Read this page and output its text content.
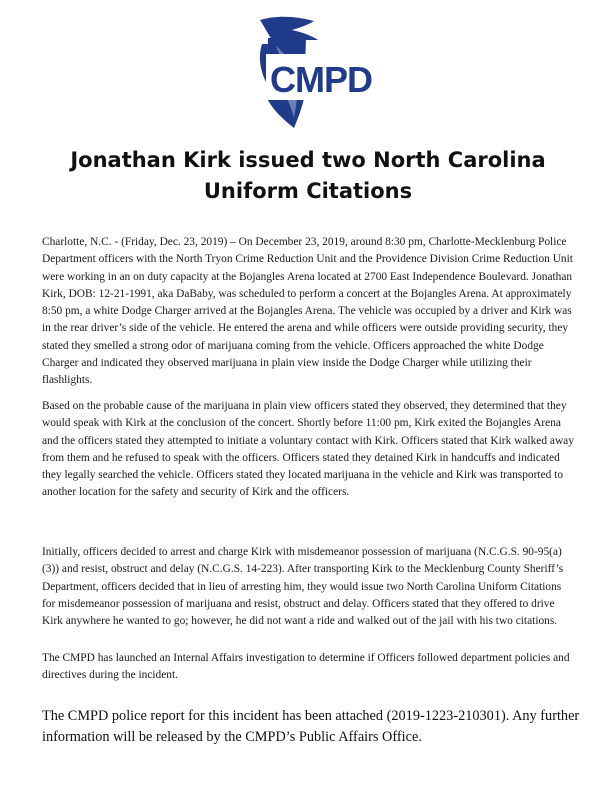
CMPD
Jonathan Kirk issued two North Carolina Uniform Citations

Charlotte, N.C. - (Friday, Dec. 23, 2019) – On December 23, 2019, around 8:30 pm, Charlotte-Mecklenburg Police Department officers with the North Tryon Crime Reduction Unit and the Providence Division Crime Reduction Unit were working in an on duty capacity at the Bojangles Arena located at 2700 East Independence Boulevard. Jonathan Kirk, DOB: 12-21-1991, aka DaBaby, was scheduled to perform a concert at the Bojangles Arena. At approximately 8:50 pm, a white Dodge Charger arrived at the Bojangles Arena. The vehicle was occupied by a driver and Kirk was in the rear driver’s side of the vehicle. He entered the arena and while officers were outside providing security, they stated they smelled a strong odor of marijuana coming from the vehicle. Officers approached the white Dodge Charger and indicated they observed marijuana in plain view inside the Dodge Charger while utilizing their flashlights.

Based on the probable cause of the marijuana in plain view officers stated they observed, they determined that they would speak with Kirk at the conclusion of the concert. Shortly before 11:00 pm, Kirk exited the Bojangles Arena and the officers stated they attempted to initiate a voluntary contact with Kirk. Officers stated that Kirk walked away from them and he refused to speak with the officers. Officers stated they detained Kirk in handcuffs and indicated they legally searched the vehicle. Officers stated they located marijuana in the vehicle and Kirk was transported to another location for the safety and security of Kirk and the officers.

Initially, officers decided to arrest and charge Kirk with misdemeanor possession of marijuana (N.C.G.S. 90-95(a)(3)) and resist, obstruct and delay (N.C.G.S. 14-223). After transporting Kirk to the Mecklenburg County Sheriff’s Department, officers decided that in lieu of arresting him, they would issue two North Carolina Uniform Citations for misdemeanor possession of marijuana and resist, obstruct and delay. Officers stated that they offered to drive Kirk anywhere he wanted to go; however, he did not want a ride and walked out of the jail with his two citations.

The CMPD has launched an Internal Affairs investigation to determine if Officers followed department policies and directives during the incident.

The CMPD police report for this incident has been attached (2019-1223-210301). Any further information will be released by the CMPD’s Public Affairs Office.
